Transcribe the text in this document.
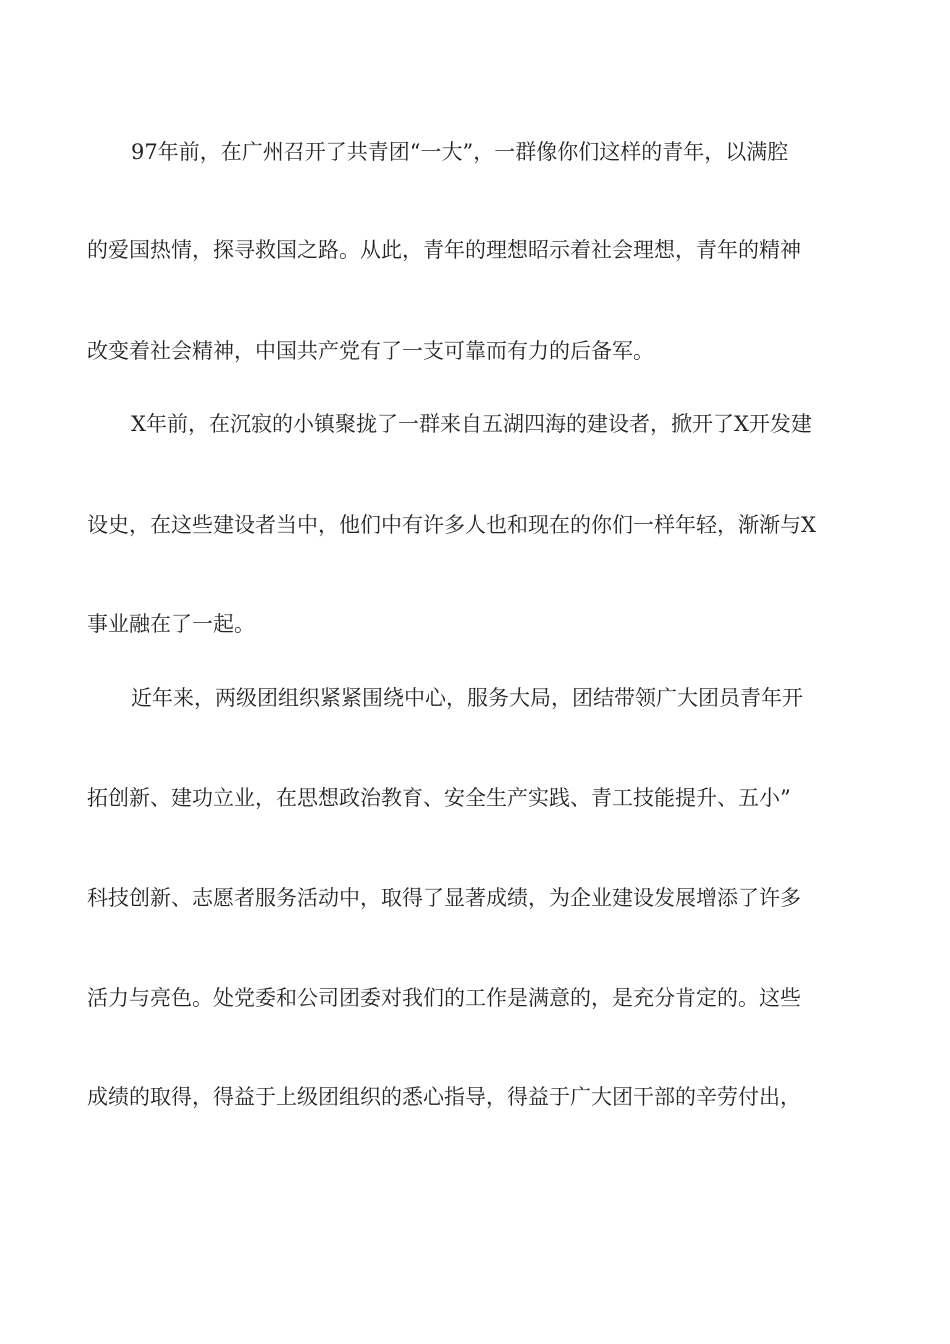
97年前，在广州召开了共青团“一大”，一群像你们这样的青年，以满腔

的爱国热情，探寻救国之路。从此，青年的理想昭示着社会理想，青年的精神

改变着社会精神，中国共产党有了一支可靠而有力的后备军。

X年前，在沉寂的小镇聚拢了一群来自五湖四海的建设者，掀开了X开发建

设史，在这些建设者当中，他们中有许多人也和现在的你们一样年轻，渐渐与X

事业融在了一起。

近年来，两级团组织紧紧围绕中心，服务大局，团结带领广大团员青年开

拓创新、建功立业，在思想政治教育、安全生产实践、青工技能提升、五小”

科技创新、志愿者服务活动中，取得了显著成绩，为企业建设发展增添了许多

活力与亮色。处党委和公司团委对我们的工作是满意的，是充分肯定的。这些

成绩的取得，得益于上级团组织的悉心指导，得益于广大团干部的辛劳付出，
